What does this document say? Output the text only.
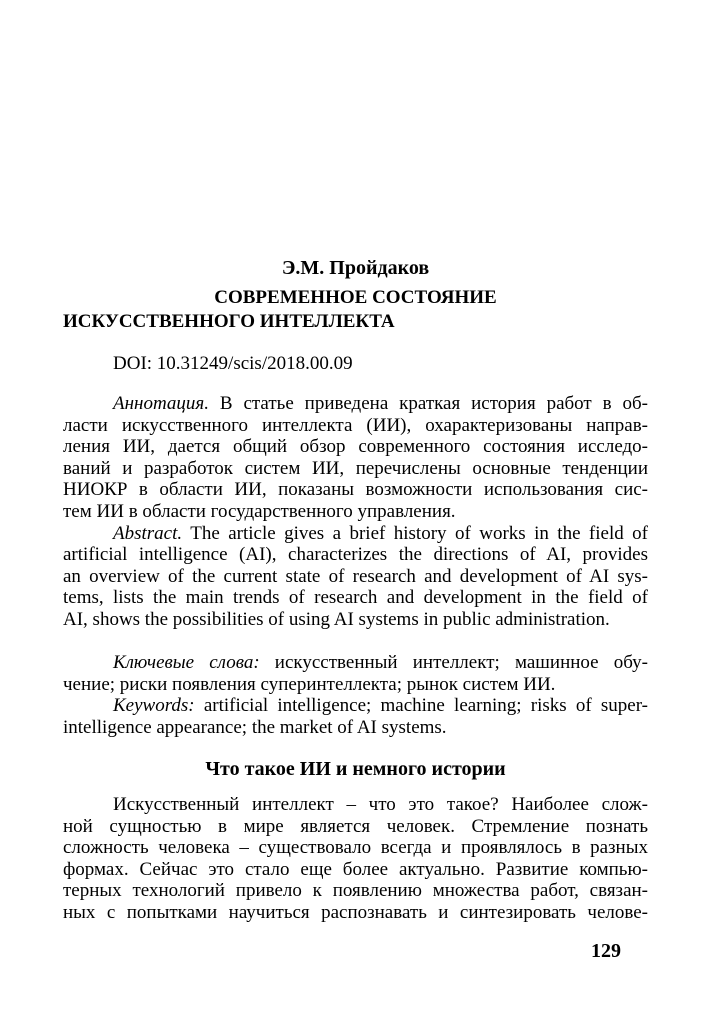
Э.М. Пройдаков
СОВРЕМЕННОЕ СОСТОЯНИЕ
ИСКУССТВЕННОГО ИНТЕЛЛЕКТА
DOI: 10.31249/scis/2018.00.09
Аннотация. В статье приведена краткая история работ в об-
ласти искусственного интеллекта (ИИ), охарактеризованы направ-
ления ИИ, дается общий обзор современного состояния исследо-
ваний и разработок систем ИИ, перечислены основные тенденции
НИОКР в области ИИ, показаны возможности использования сис-
тем ИИ в области государственного управления.
Abstract. The article gives a brief history of works in the field of
artificial intelligence (AI), characterizes the directions of AI, provides
an overview of the current state of research and development of AI sys-
tems, lists the main trends of research and development in the field of
AI, shows the possibilities of using AI systems in public administration.
Ключевые слова: искусственный интеллект; машинное обу-
чение; риски появления суперинтеллекта; рынок систем ИИ.
Keywords: artificial intelligence; machine learning; risks of super-
intelligence appearance; the market of AI systems.
Что такое ИИ и немного истории
Искусственный интеллект – что это такое? Наиболее слож-
ной сущностью в мире является человек. Стремление познать
сложность человека – существовало всегда и проявлялось в разных
формах. Сейчас это стало еще более актуально. Развитие компью-
терных технологий привело к появлению множества работ, связан-
ных с попытками научиться распознавать и синтезировать челове-
129
